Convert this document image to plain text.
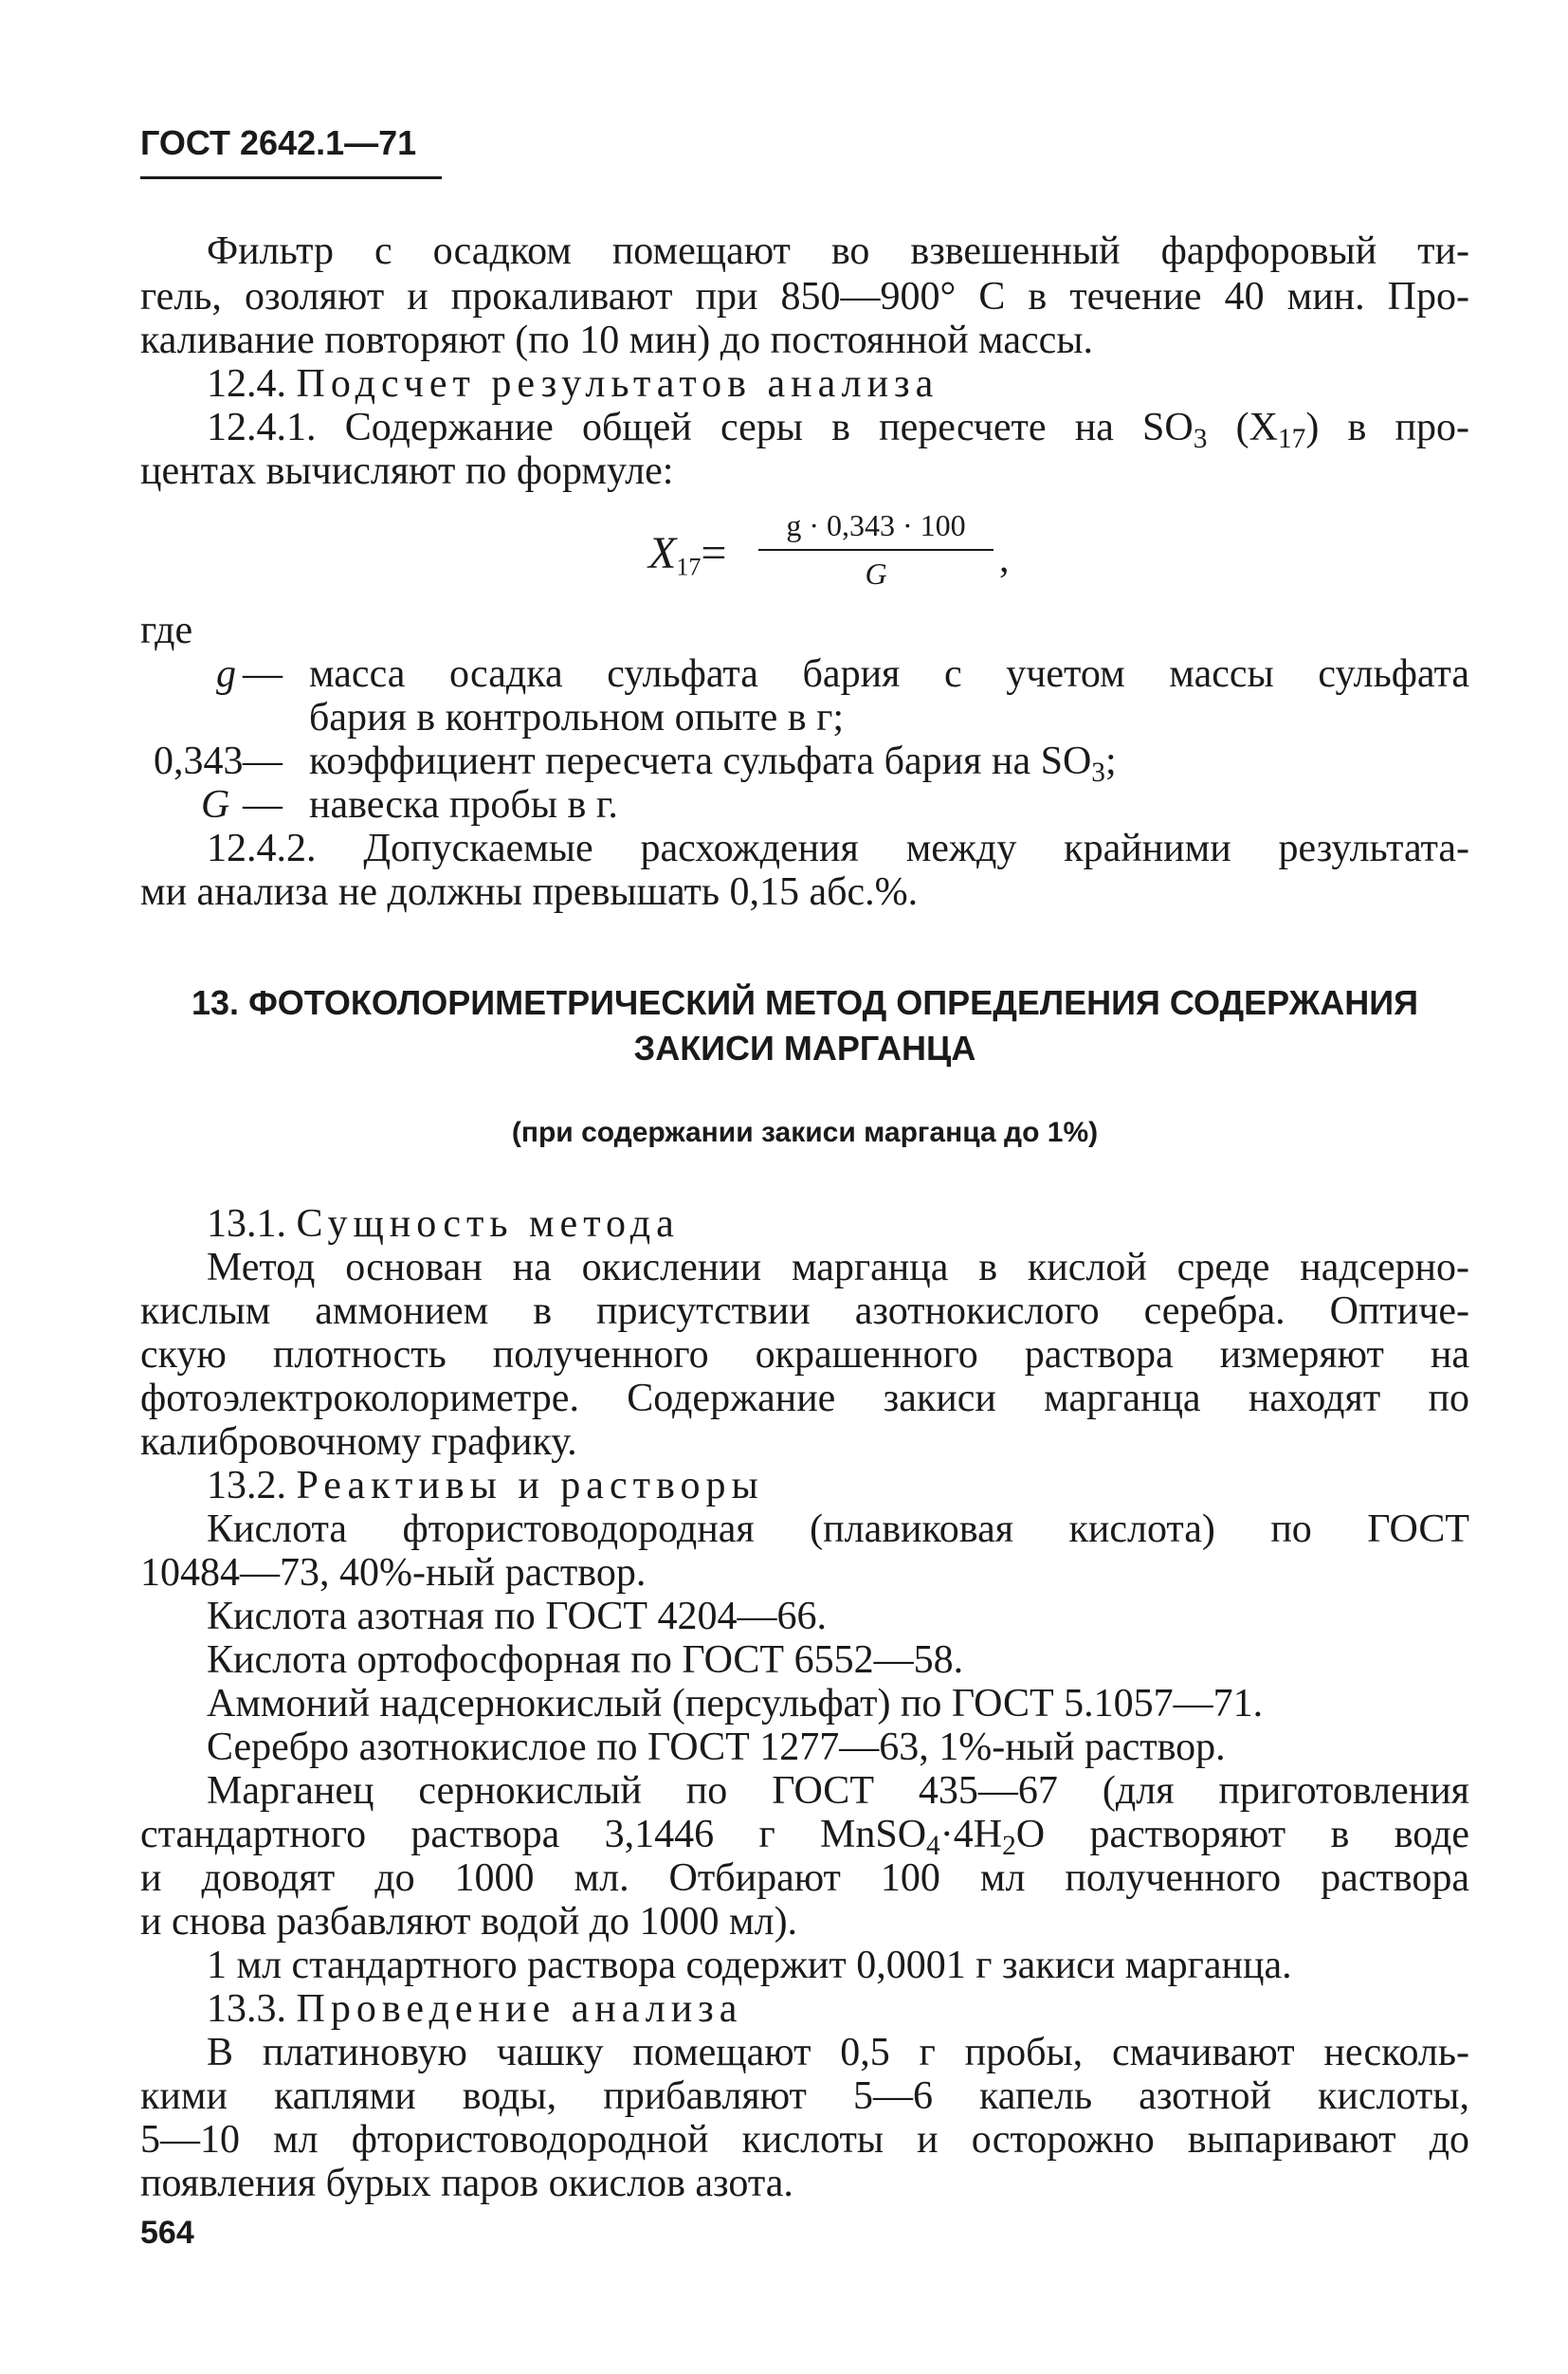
ГОСТ 2642.1—71
Фильтр с осадком помещают во взвешенный фарфоровый ти-
гель, озоляют и прокаливают при 850—900° С в течение 40 мин. Про-
каливание повторяют (по 10 мин) до постоянной массы.
12.4. Подсчет результатов анализа
12.4.1. Содержание общей серы в пересчете на $SO_3$ $(X_{17})$ в про-
центах вычисляют по формуле:
$X_{17}=$
g · 0,343 · 100
G	,
где
g — масса осадка сульфата бария с учетом массы сульфата
бария в контрольном опыте в г;
0,343 — коэффициент пересчета сульфата бария на $SO_3$;
G — навеска пробы в г.
12.4.2. Допускаемые расхождения между крайними результата-
ми анализа не должны превышать 0,15 абс.%.
13. ФОТОКОЛОРИМЕТРИЧЕСКИЙ МЕТОД ОПРЕДЕЛЕНИЯ СОДЕРЖАНИЯ
ЗАКИСИ МАРГАНЦА
(при содержании закиси марганца до 1%)
13.1. Сущность метода
Метод основан на окислении марганца в кислой среде надсерно-
кислым аммонием в присутствии азотнокислого серебра. Оптиче-
скую плотность полученного окрашенного раствора измеряют на
фотоэлектроколориметре. Содержание закиси марганца находят по
калибровочному графику.
13.2. Реактивы и растворы
Кислота фтористоводородная (плавиковая кислота) по ГОСТ
10484—73, 40%-ный раствор.
Кислота азотная по ГОСТ 4204—66.
Кислота ортофосфорная по ГОСТ 6552—58.
Аммоний надсернокислый (персульфат) по ГОСТ 5.1057—71.
Серебро азотнокислое по ГОСТ 1277—63, 1%-ный раствор.
Марганец сернокислый по ГОСТ 435—67 (для приготовления
стандартного раствора 3,1446 г $MnSO_4\cdot 4H_2O$ растворяют в воде
и доводят до 1000 мл. Отбирают 100 мл полученного раствора
и снова разбавляют водой до 1000 мл).
1 мл стандартного раствора содержит 0,0001 г закиси марганца.
13.3. Проведение анализа
В платиновую чашку помещают 0,5 г пробы, смачивают несколь-
кими каплями воды, прибавляют 5—6 капель азотной кислоты,
5—10 мл фтористоводородной кислоты и осторожно выпаривают до
появления бурых паров окислов азота.
564
